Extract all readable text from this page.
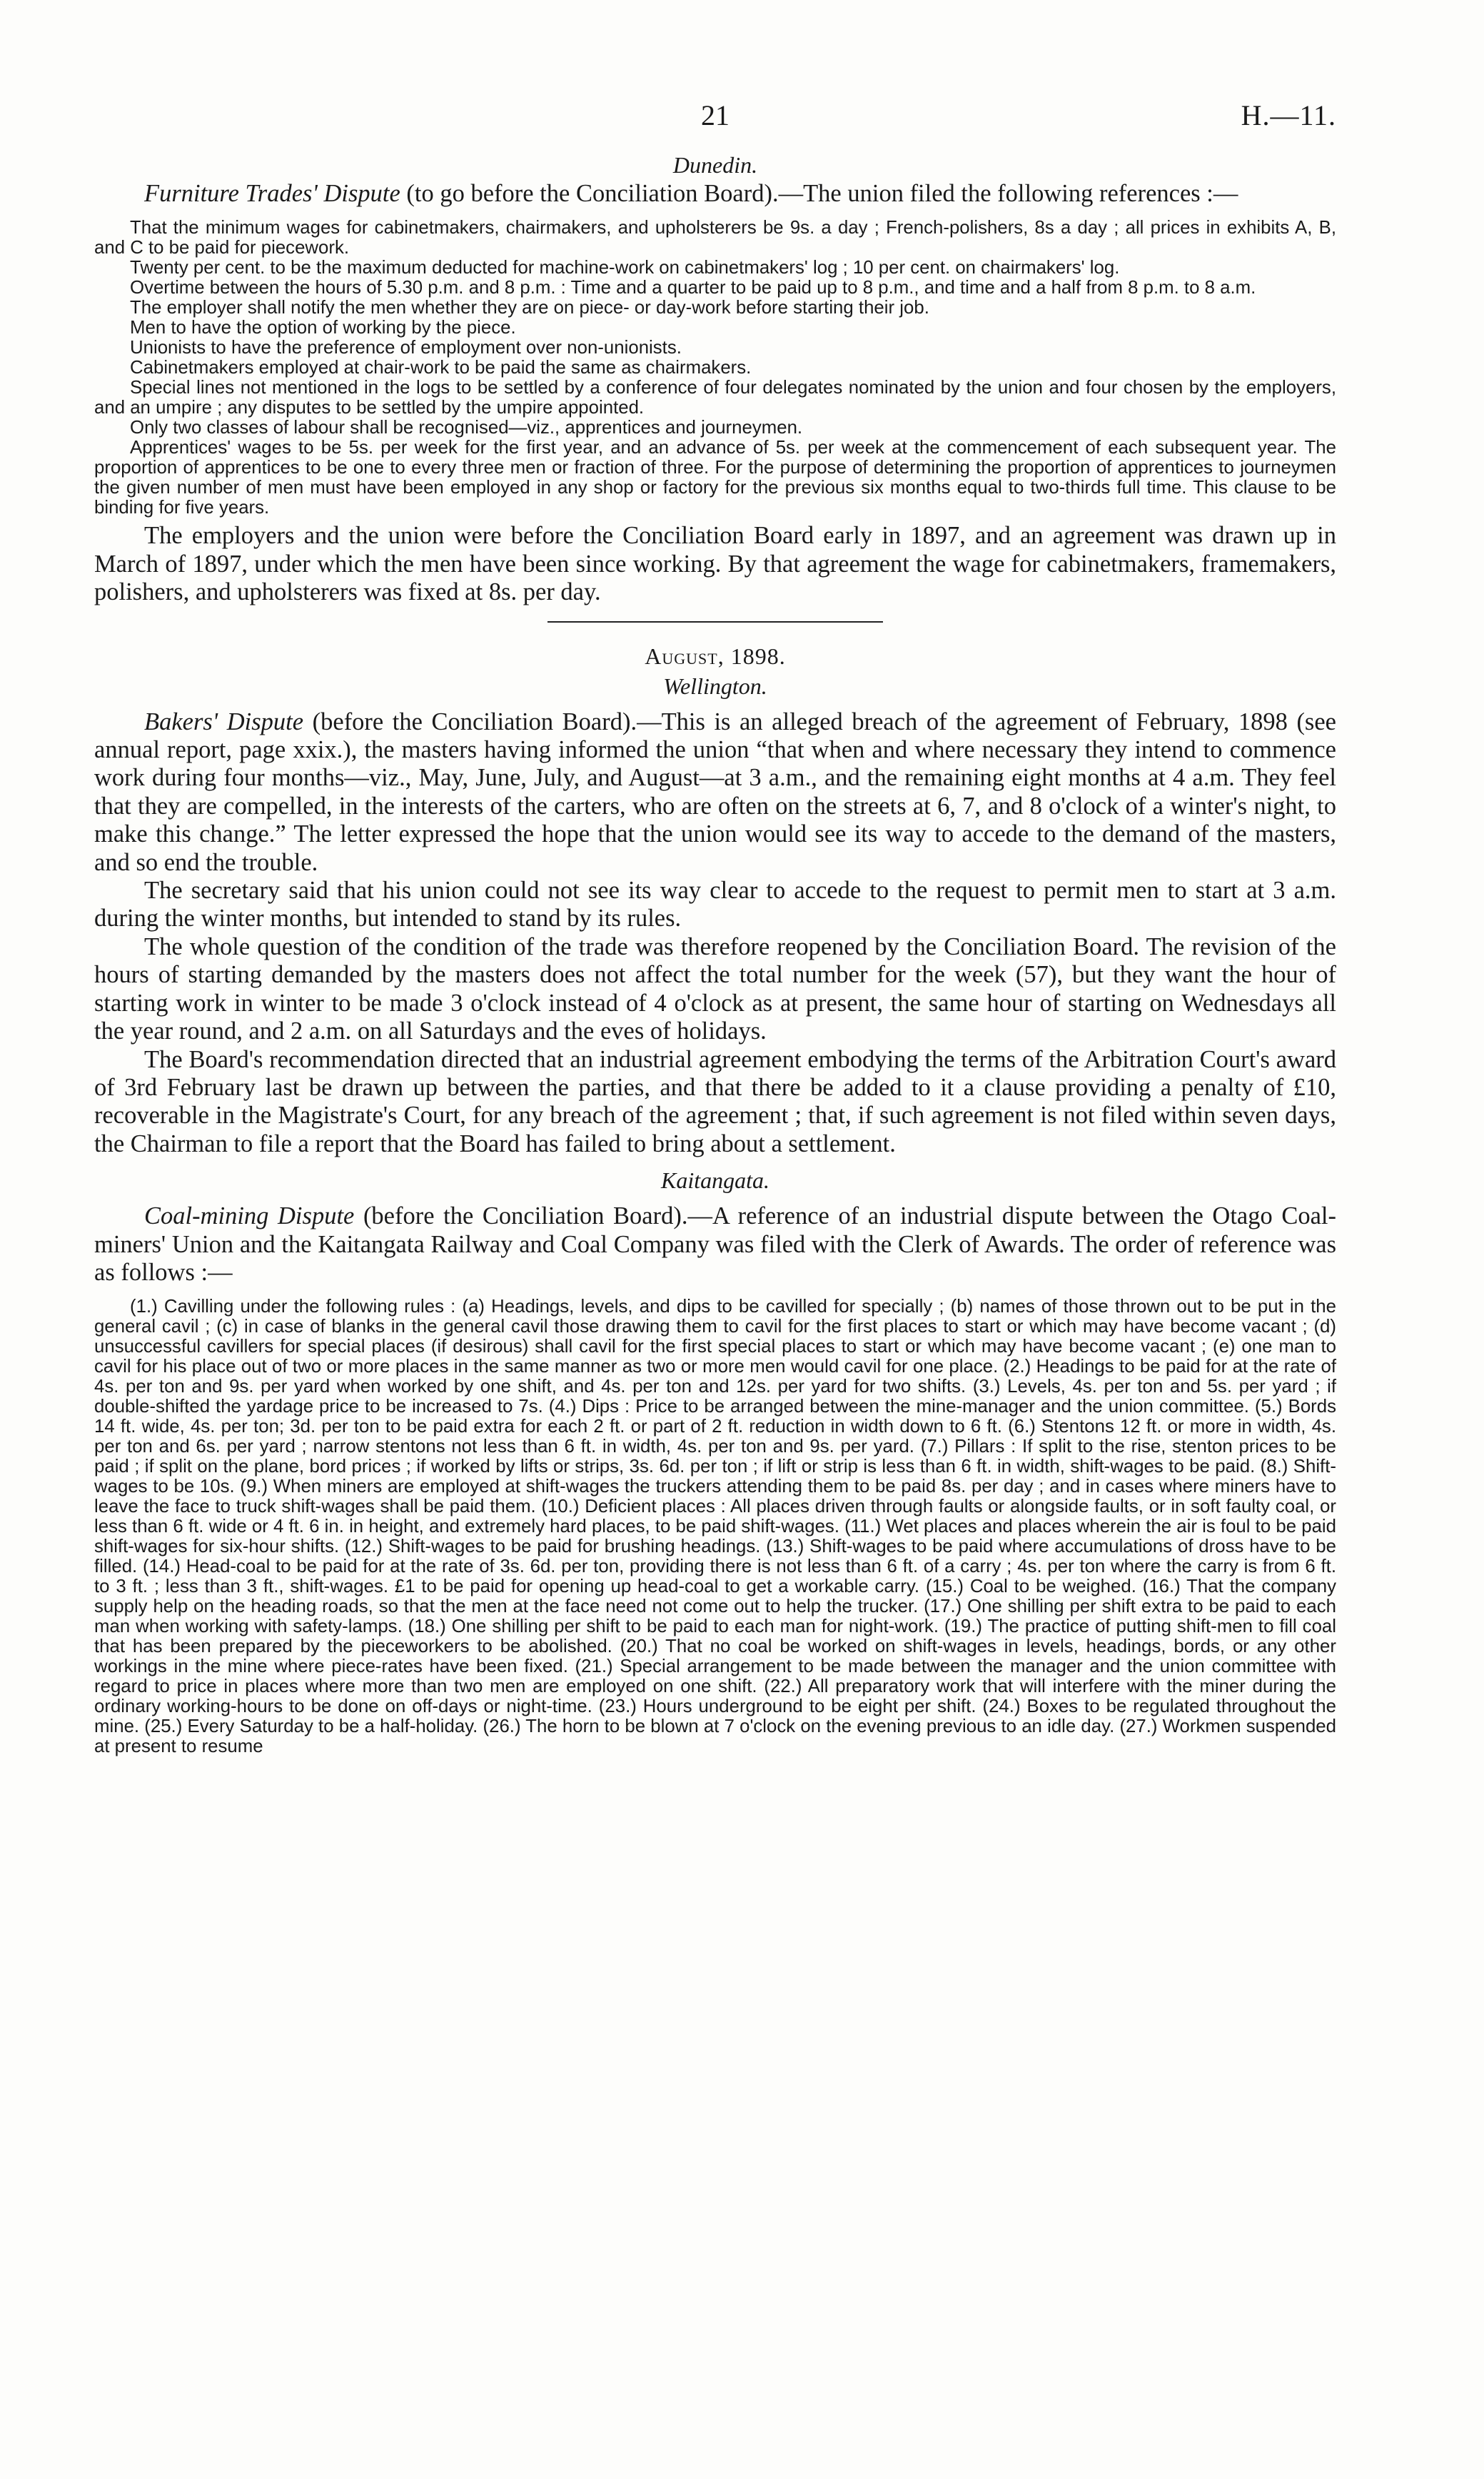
21	H.—11.

Dunedin.

Furniture Trades' Dispute (to go before the Conciliation Board).—The union filed the following references :—

That the minimum wages for cabinetmakers, chairmakers, and upholsterers be 9s. a day ; French-polishers, 8s a day ; all prices in exhibits A, B, and C to be paid for piecework.

Twenty per cent. to be the maximum deducted for machine-work on cabinetmakers' log ; 10 per cent. on chairmakers' log.

Overtime between the hours of 5.30 p.m. and 8 p.m. : Time and a quarter to be paid up to 8 p.m., and time and a half from 8 p.m. to 8 a.m.

The employer shall notify the men whether they are on piece- or day-work before starting their job.

Men to have the option of working by the piece.

Unionists to have the preference of employment over non-unionists.

Cabinetmakers employed at chair-work to be paid the same as chairmakers.

Special lines not mentioned in the logs to be settled by a conference of four delegates nominated by the union and four chosen by the employers, and an umpire ; any disputes to be settled by the umpire appointed.

Only two classes of labour shall be recognised—viz., apprentices and journeymen.

Apprentices' wages to be 5s. per week for the first year, and an advance of 5s. per week at the commencement of each subsequent year. The proportion of apprentices to be one to every three men or fraction of three. For the purpose of determining the proportion of apprentices to journeymen the given number of men must have been employed in any shop or factory for the previous six months equal to two-thirds full time. This clause to be binding for five years.

The employers and the union were before the Conciliation Board early in 1897, and an agreement was drawn up in March of 1897, under which the men have been since working. By that agreement the wage for cabinetmakers, framemakers, polishers, and upholsterers was fixed at 8s. per day.

August, 1898.

Wellington.

Bakers' Dispute (before the Conciliation Board).—This is an alleged breach of the agreement of February, 1898 (see annual report, page xxix.), the masters having informed the union “that when and where necessary they intend to commence work during four months—viz., May, June, July, and August—at 3 a.m., and the remaining eight months at 4 a.m. They feel that they are compelled, in the interests of the carters, who are often on the streets at 6, 7, and 8 o'clock of a winter's night, to make this change.” The letter expressed the hope that the union would see its way to accede to the demand of the masters, and so end the trouble.

The secretary said that his union could not see its way clear to accede to the request to permit men to start at 3 a.m. during the winter months, but intended to stand by its rules.

The whole question of the condition of the trade was therefore reopened by the Conciliation Board. The revision of the hours of starting demanded by the masters does not affect the total number for the week (57), but they want the hour of starting work in winter to be made 3 o'clock instead of 4 o'clock as at present, the same hour of starting on Wednesdays all the year round, and 2 a.m. on all Saturdays and the eves of holidays.

The Board's recommendation directed that an industrial agreement embodying the terms of the Arbitration Court's award of 3rd February last be drawn up between the parties, and that there be added to it a clause providing a penalty of £10, recoverable in the Magistrate's Court, for any breach of the agreement ; that, if such agreement is not filed within seven days, the Chairman to file a report that the Board has failed to bring about a settlement.

Kaitangata.

Coal-mining Dispute (before the Conciliation Board).—A reference of an industrial dispute between the Otago Coal-miners' Union and the Kaitangata Railway and Coal Company was filed with the Clerk of Awards. The order of reference was as follows :—

(1.) Cavilling under the following rules : (a) Headings, levels, and dips to be cavilled for specially ; (b) names of those thrown out to be put in the general cavil ; (c) in case of blanks in the general cavil those drawing them to cavil for the first places to start or which may have become vacant ; (d) unsuccessful cavillers for special places (if desirous) shall cavil for the first special places to start or which may have become vacant ; (e) one man to cavil for his place out of two or more places in the same manner as two or more men would cavil for one place. (2.) Headings to be paid for at the rate of 4s. per ton and 9s. per yard when worked by one shift, and 4s. per ton and 12s. per yard for two shifts. (3.) Levels, 4s. per ton and 5s. per yard ; if double-shifted the yardage price to be increased to 7s. (4.) Dips : Price to be arranged between the mine-manager and the union committee. (5.) Bords 14 ft. wide, 4s. per ton; 3d. per ton to be paid extra for each 2 ft. or part of 2 ft. reduction in width down to 6 ft. (6.) Stentons 12 ft. or more in width, 4s. per ton and 6s. per yard ; narrow stentons not less than 6 ft. in width, 4s. per ton and 9s. per yard. (7.) Pillars : If split to the rise, stenton prices to be paid ; if split on the plane, bord prices ; if worked by lifts or strips, 3s. 6d. per ton ; if lift or strip is less than 6 ft. in width, shift-wages to be paid. (8.) Shift-wages to be 10s. (9.) When miners are employed at shift-wages the truckers attending them to be paid 8s. per day ; and in cases where miners have to leave the face to truck shift-wages shall be paid them. (10.) Deficient places : All places driven through faults or alongside faults, or in soft faulty coal, or less than 6 ft. wide or 4 ft. 6 in. in height, and extremely hard places, to be paid shift-wages. (11.) Wet places and places wherein the air is foul to be paid shift-wages for six-hour shifts. (12.) Shift-wages to be paid for brushing headings. (13.) Shift-wages to be paid where accumulations of dross have to be filled. (14.) Head-coal to be paid for at the rate of 3s. 6d. per ton, providing there is not less than 6 ft. of a carry ; 4s. per ton where the carry is from 6 ft. to 3 ft. ; less than 3 ft., shift-wages. £1 to be paid for opening up head-coal to get a workable carry. (15.) Coal to be weighed. (16.) That the company supply help on the heading roads, so that the men at the face need not come out to help the trucker. (17.) One shilling per shift extra to be paid to each man when working with safety-lamps. (18.) One shilling per shift to be paid to each man for night-work. (19.) The practice of putting shift-men to fill coal that has been prepared by the pieceworkers to be abolished. (20.) That no coal be worked on shift-wages in levels, headings, bords, or any other workings in the mine where piece-rates have been fixed. (21.) Special arrangement to be made between the manager and the union committee with regard to price in places where more than two men are employed on one shift. (22.) All preparatory work that will interfere with the miner during the ordinary working-hours to be done on off-days or night-time. (23.) Hours underground to be eight per shift. (24.) Boxes to be regulated throughout the mine. (25.) Every Saturday to be a half-holiday. (26.) The horn to be blown at 7 o'clock on the evening previous to an idle day. (27.) Workmen suspended at present to resume
